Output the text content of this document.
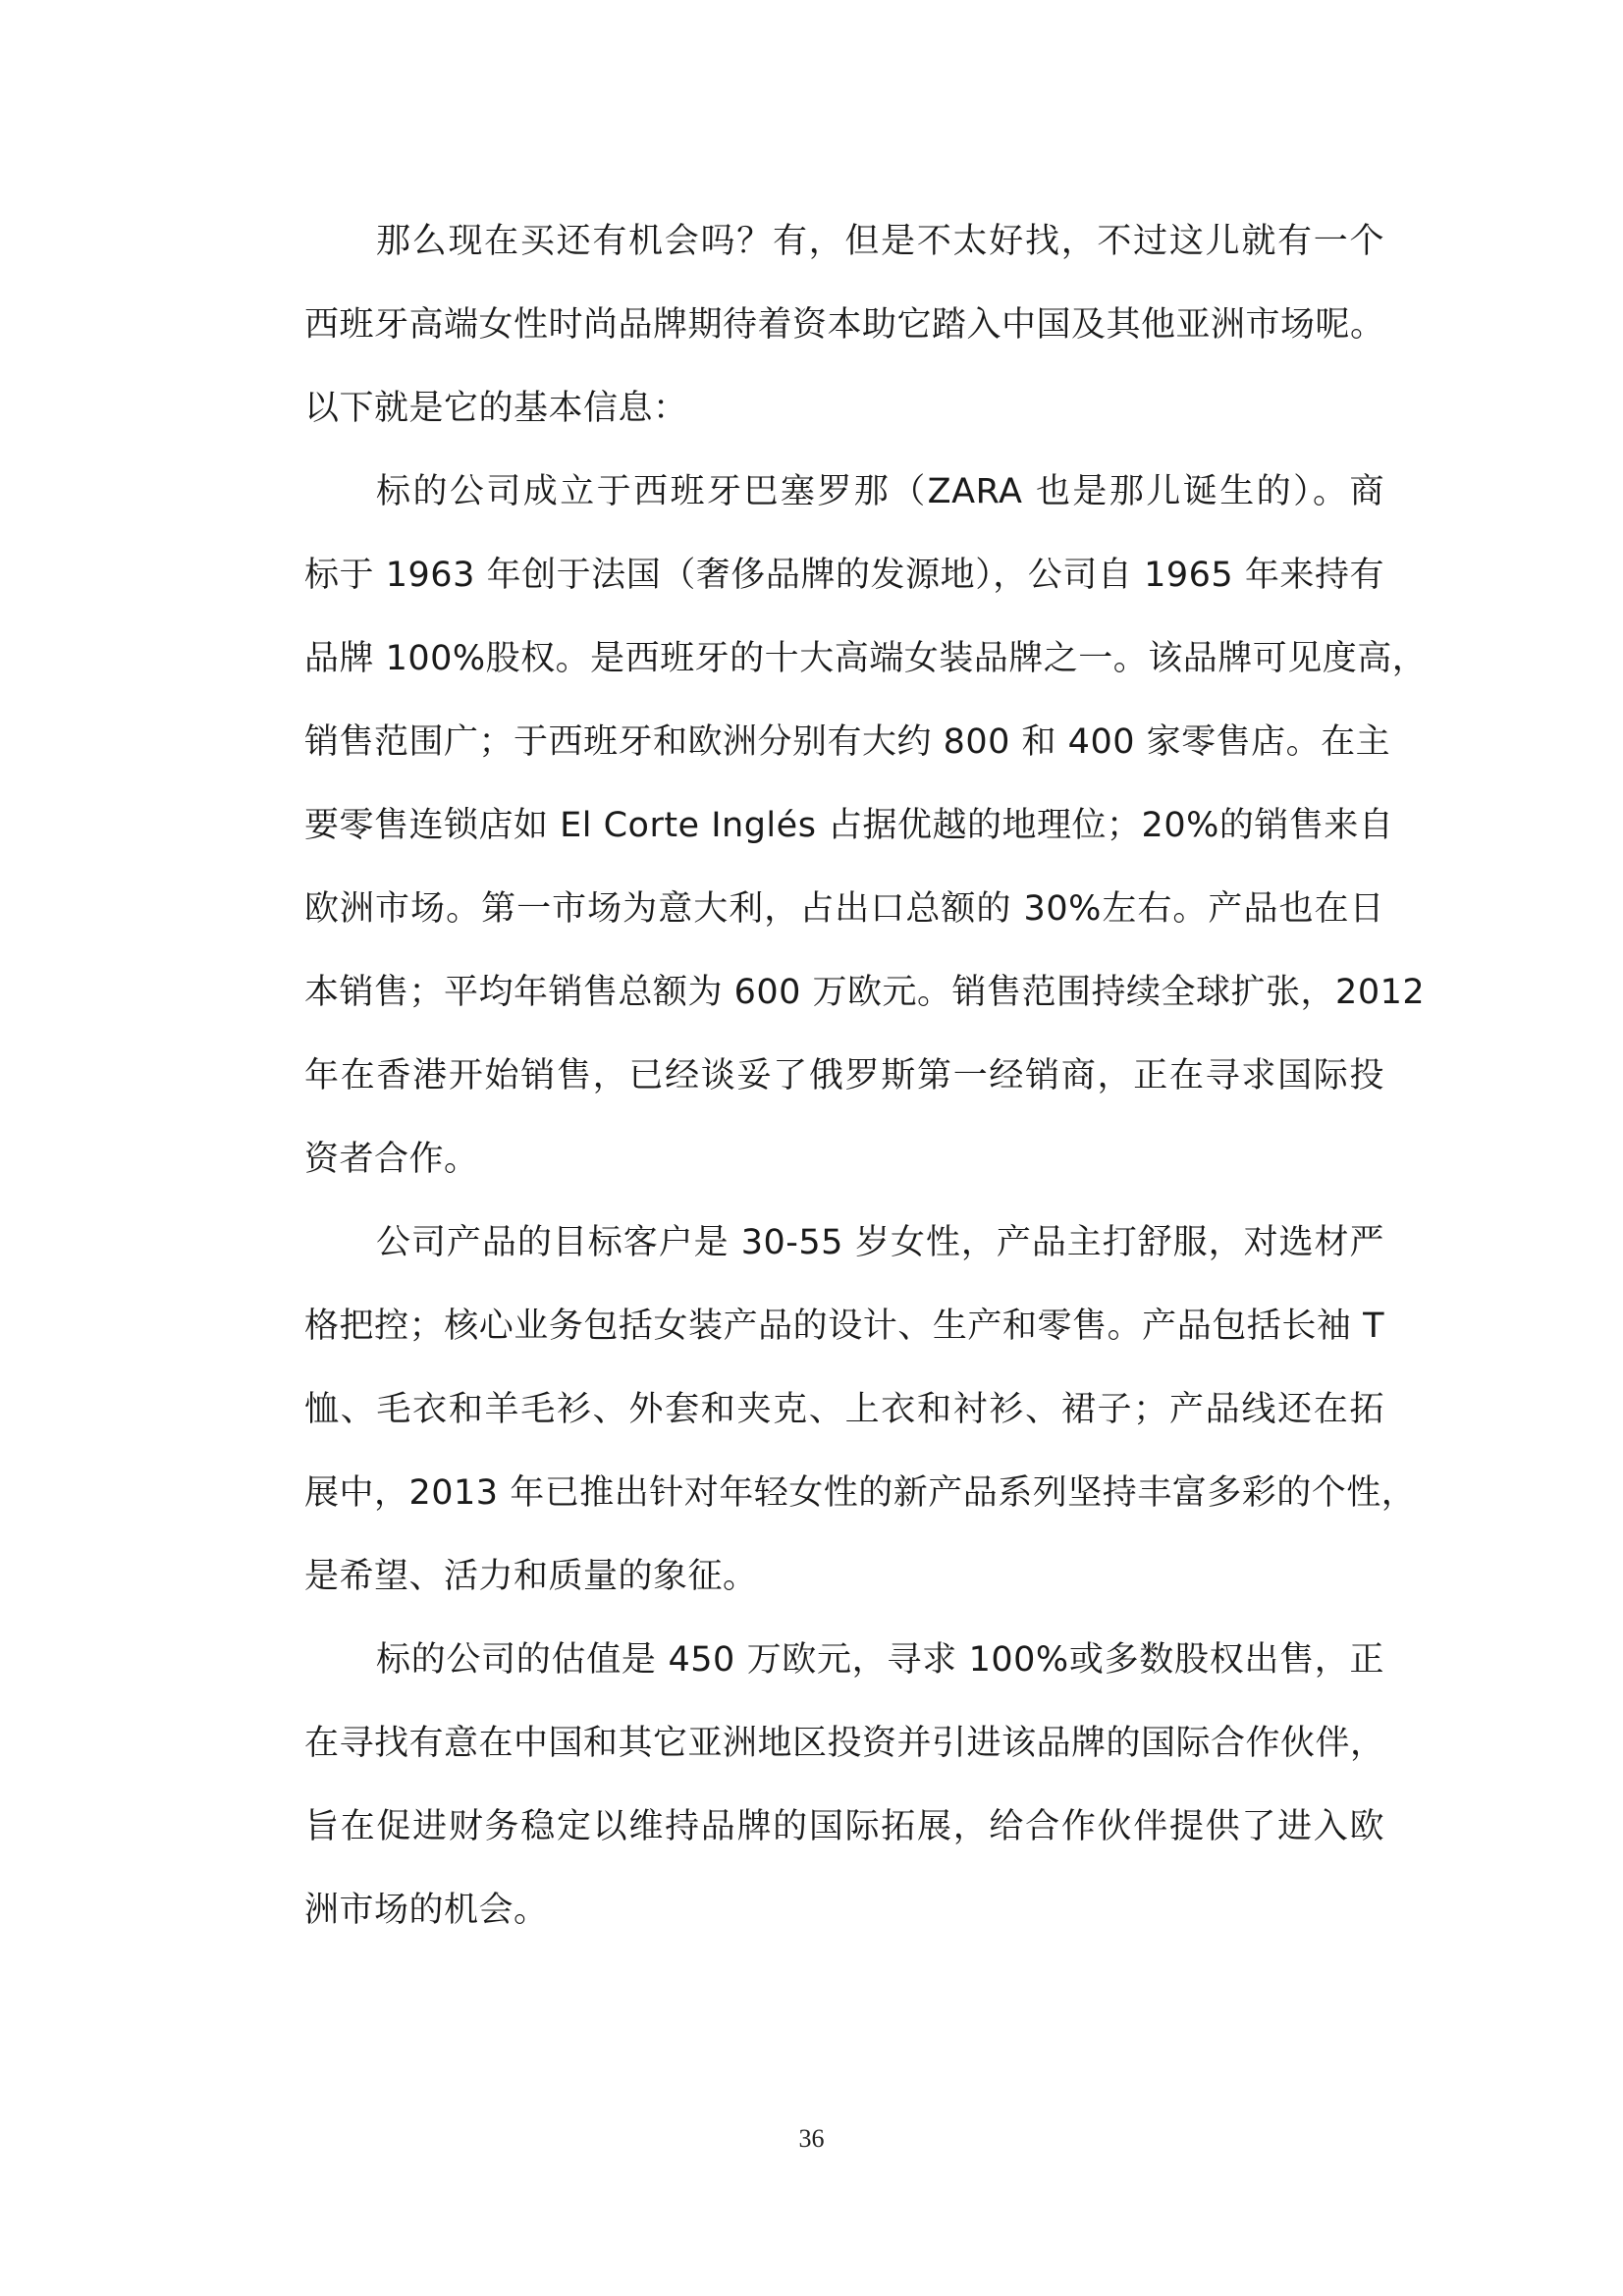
那么现在买还有机会吗？有，但是不太好找，不过这儿就有一个
西班牙高端女性时尚品牌期待着资本助它踏入中国及其他亚洲市场呢。
以下就是它的基本信息：
标的公司成立于西班牙巴塞罗那（ZARA 也是那儿诞生的）。商
标于 1963 年创于法国（奢侈品牌的发源地），公司自 1965 年来持有
品牌 100%股权。是西班牙的十大高端女装品牌之一。该品牌可见度高，
销售范围广；于西班牙和欧洲分别有大约 800 和 400 家零售店。在主
要零售连锁店如 El Corte Inglés 占据优越的地理位；20%的销售来自
欧洲市场。第一市场为意大利，占出口总额的 30%左右。产品也在日
本销售；平均年销售总额为 600 万欧元。销售范围持续全球扩张，2012
年在香港开始销售，已经谈妥了俄罗斯第一经销商，正在寻求国际投
资者合作。
公司产品的目标客户是 30-55 岁女性，产品主打舒服，对选材严
格把控；核心业务包括女装产品的设计、生产和零售。产品包括长袖 T
恤、毛衣和羊毛衫、外套和夹克、上衣和衬衫、裙子；产品线还在拓
展中，2013 年已推出针对年轻女性的新产品系列坚持丰富多彩的个性，
是希望、活力和质量的象征。
标的公司的估值是 450 万欧元，寻求 100%或多数股权出售，正
在寻找有意在中国和其它亚洲地区投资并引进该品牌的国际合作伙伴，
旨在促进财务稳定以维持品牌的国际拓展，给合作伙伴提供了进入欧
洲市场的机会。
36
